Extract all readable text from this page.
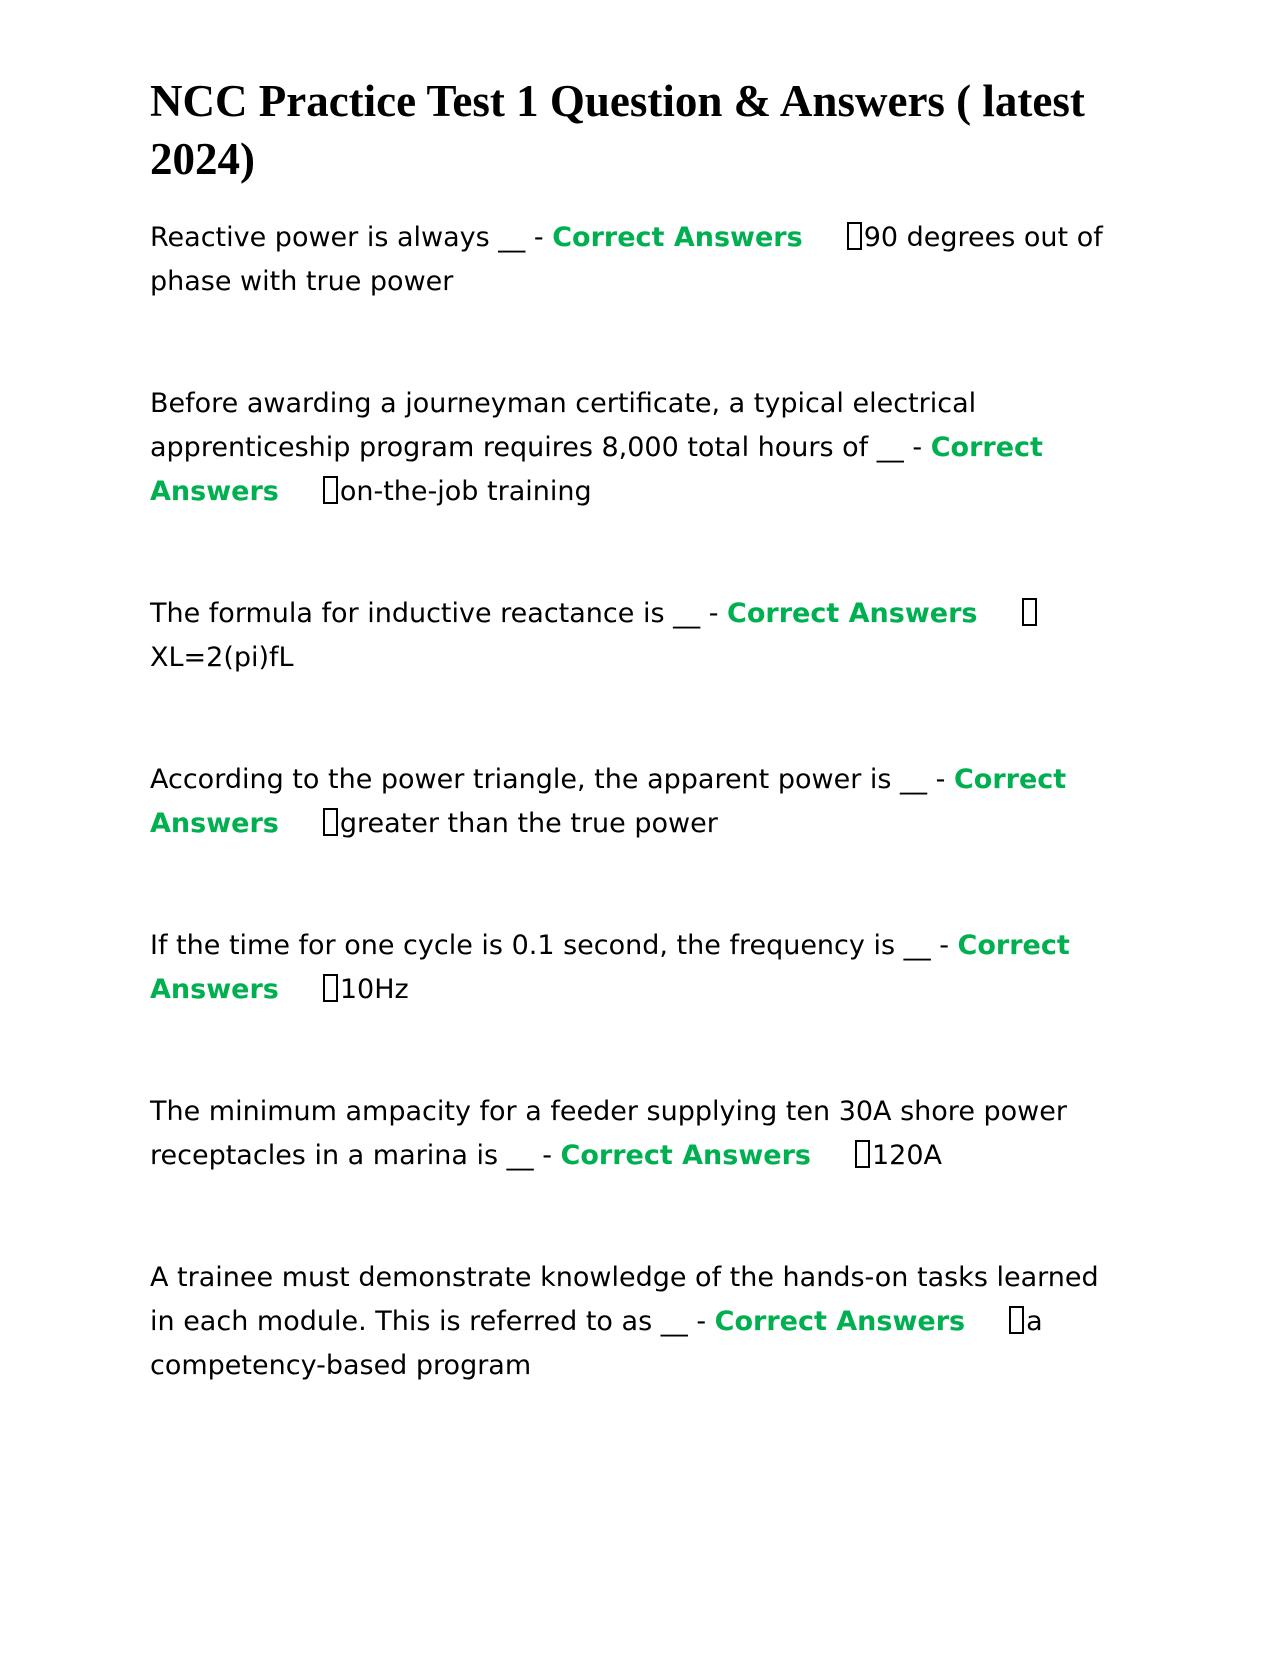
NCC Practice Test 1 Question & Answers ( latest 2024)

Reactive power is always __ - Correct Answers 90 degrees out of phase with true power

Before awarding a journeyman certificate, a typical electrical apprenticeship program requires 8,000 total hours of __ - Correct Answers on-the-job training

The formula for inductive reactance is __ - Correct AnswersXL=2(pi)fL

According to the power triangle, the apparent power is __ - Correct Answers greater than the true power

If the time for one cycle is 0.1 second, the frequency is __ - Correct Answers 10Hz

The minimum ampacity for a feeder supplying ten 30A shore power receptacles in a marina is __ - Correct Answers 120A

A trainee must demonstrate knowledge of the hands-on tasks learned in each module. This is referred to as __ - Correct Answers a competency-based program
